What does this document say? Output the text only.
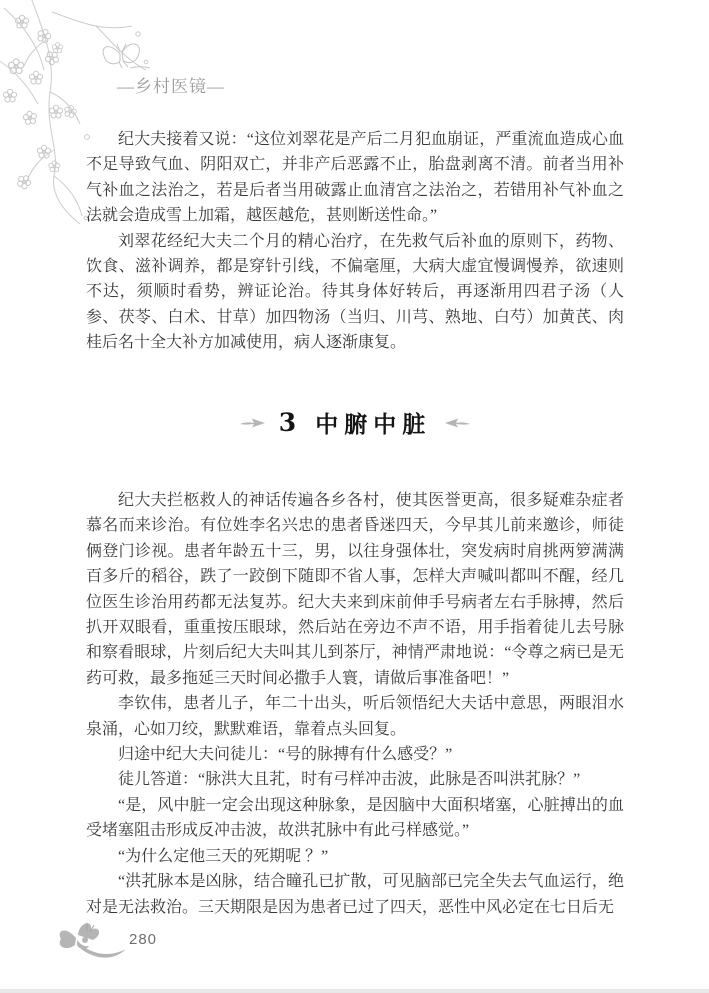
—乡村医镜—

纪大夫接着又说：“这位刘翠花是产后二月犯血崩证，严重流血造成心血不足导致气血、阴阳双亡，并非产后恶露不止，胎盘剥离不清。前者当用补气补血之法治之，若是后者当用破露止血清宫之法治之，若错用补气补血之法就会造成雪上加霜，越医越危，甚则断送性命。”

刘翠花经纪大夫二个月的精心治疗，在先救气后补血的原则下，药物、饮食、滋补调养，都是穿针引线，不偏毫厘，大病大虚宜慢调慢养，欲速则不达，须顺时看势，辨证论治。待其身体好转后，再逐渐用四君子汤（人参、茯苓、白术、甘草）加四物汤（当归、川芎、熟地、白芍）加黄芪、肉桂后名十全大补方加减使用，病人逐渐康复。

3 中腑中脏

纪大夫拦柩救人的神话传遍各乡各村，使其医誉更高，很多疑难杂症者慕名而来诊治。有位姓李名兴忠的患者昏迷四天，今早其儿前来邀诊，师徒俩登门诊视。患者年龄五十三，男，以往身强体壮，突发病时肩挑两箩满满百多斤的稻谷，跌了一跤倒下随即不省人事，怎样大声喊叫都叫不醒，经几位医生诊治用药都无法复苏。纪大夫来到床前伸手号病者左右手脉搏，然后扒开双眼看，重重按压眼球，然后站在旁边不声不语，用手指着徒儿去号脉和察看眼球，片刻后纪大夫叫其儿到茶厅，神情严肃地说：“令尊之病已是无药可救，最多拖延三天时间必撒手人寰，请做后事准备吧！”

李钦伟，患者儿子，年二十出头，听后领悟纪大夫话中意思，两眼泪水泉涌，心如刀绞，默默难语，靠着点头回复。

归途中纪大夫问徒儿：“号的脉搏有什么感受？”

徒儿答道：“脉洪大且芤，时有弓样冲击波，此脉是否叫洪芤脉？”

“是，风中脏一定会出现这种脉象，是因脑中大面积堵塞，心脏搏出的血受堵塞阻击形成反冲击波，故洪芤脉中有此弓样感觉。”

“为什么定他三天的死期呢 ？”

“洪芤脉本是凶脉，结合瞳孔已扩散，可见脑部已完全失去气血运行，绝对是无法救治。三天期限是因为患者已过了四天，恶性中风必定在七日后无

280
